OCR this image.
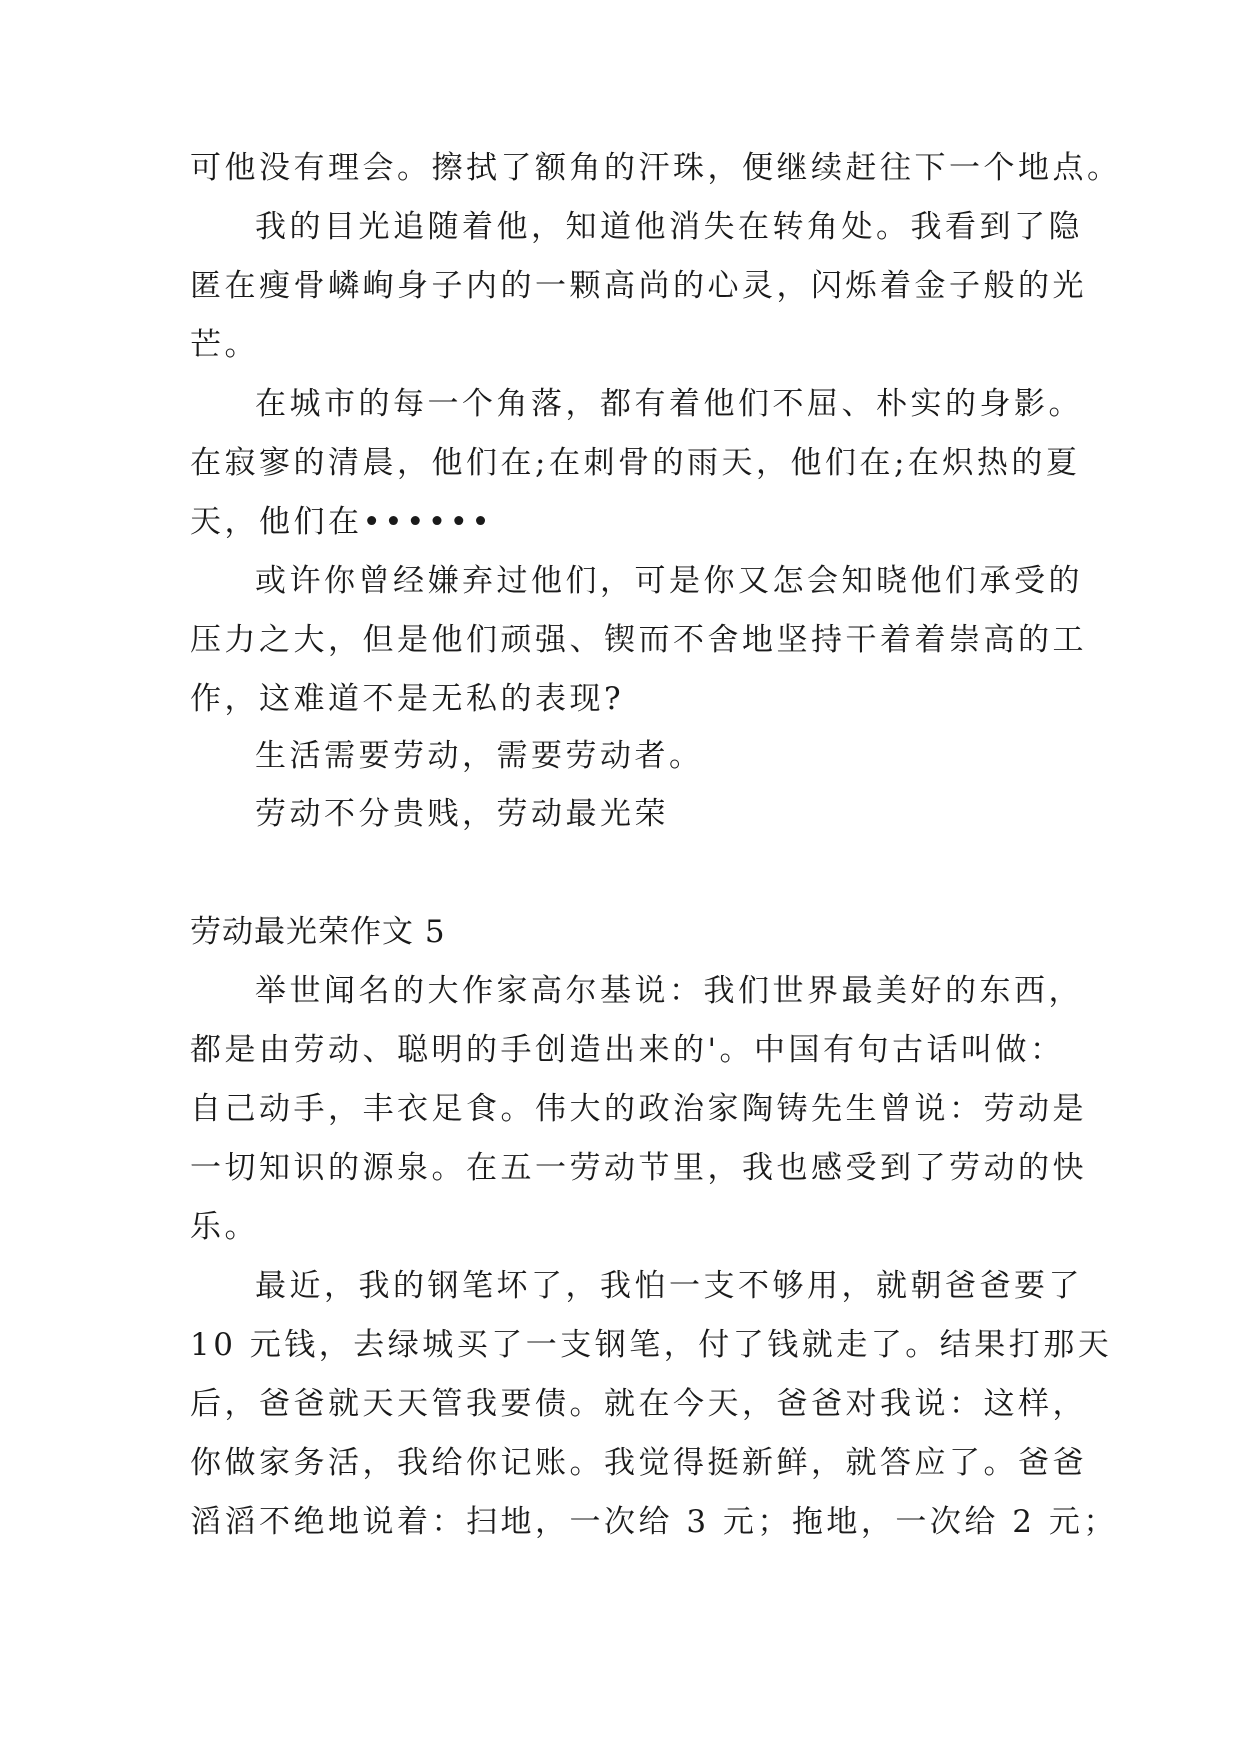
可他没有理会。擦拭了额角的汗珠，便继续赶往下一个地点。

我的目光追随着他，知道他消失在转角处。我看到了隐

匿在瘦骨嶙峋身子内的一颗高尚的心灵，闪烁着金子般的光

芒。

在城市的每一个角落，都有着他们不屈、朴实的身影。

在寂寥的清晨，他们在;在刺骨的雨天，他们在;在炽热的夏

天，他们在••••••

或许你曾经嫌弃过他们，可是你又怎会知晓他们承受的

压力之大，但是他们顽强、锲而不舍地坚持干着着崇高的工

作，这难道不是无私的表现?

生活需要劳动，需要劳动者。

劳动不分贵贱，劳动最光荣

劳动最光荣作文 5

举世闻名的大作家高尔基说：我们世界最美好的东西，

都是由劳动、聪明的手创造出来的'。中国有句古话叫做：

自己动手，丰衣足食。伟大的政治家陶铸先生曾说：劳动是

一切知识的源泉。在五一劳动节里，我也感受到了劳动的快

乐。

最近，我的钢笔坏了，我怕一支不够用，就朝爸爸要了

10 元钱，去绿城买了一支钢笔，付了钱就走了。结果打那天

后，爸爸就天天管我要债。就在今天，爸爸对我说：这样，

你做家务活，我给你记账。我觉得挺新鲜，就答应了。爸爸

滔滔不绝地说着：扫地，一次给 3 元；拖地，一次给 2 元；
